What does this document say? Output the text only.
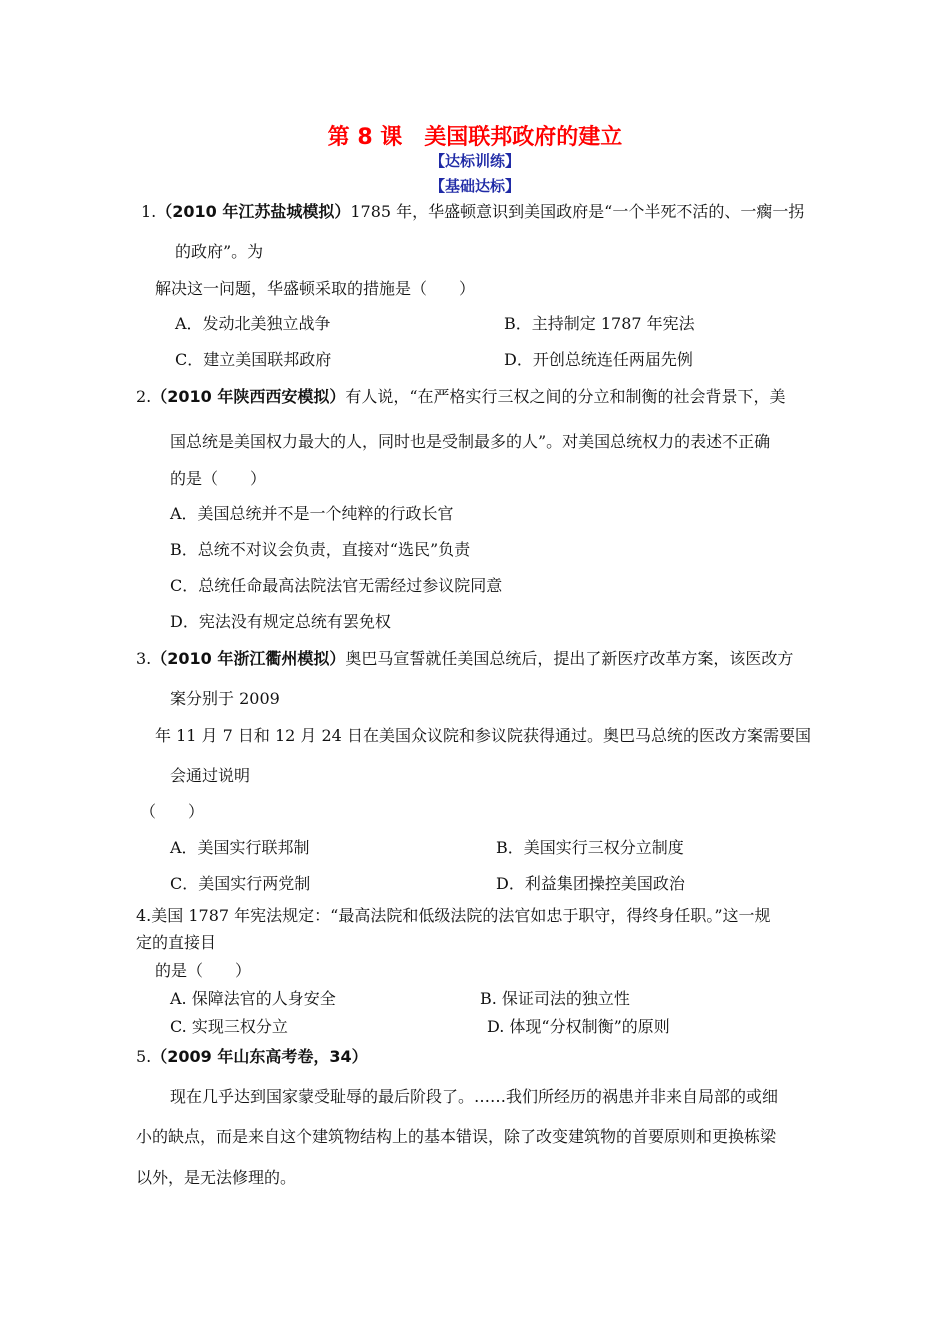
第 8 课　美国联邦政府的建立
【达标训练】
【基础达标】
1.（2010 年江苏盐城模拟）1785 年，华盛顿意识到美国政府是“一个半死不活的、一瘸一拐
的政府”。为
解决这一问题，华盛顿采取的措施是（　　）
A．发动北美独立战争	B．主持制定 1787 年宪法
C．建立美国联邦政府	D．开创总统连任两届先例
2.（2010 年陕西西安模拟）有人说，“在严格实行三权之间的分立和制衡的社会背景下，美
国总统是美国权力最大的人，同时也是受制最多的人”。对美国总统权力的表述不正确
的是（　　）
A．美国总统并不是一个纯粹的行政长官
B．总统不对议会负责，直接对“选民”负责
C．总统任命最高法院法官无需经过参议院同意
D．宪法没有规定总统有罢免权
3.（2010 年浙江衢州模拟）奥巴马宣誓就任美国总统后，提出了新医疗改革方案，该医改方
案分别于 2009
年 11 月 7 日和 12 月 24 日在美国众议院和参议院获得通过。奥巴马总统的医改方案需要国
会通过说明
（　　）
A．美国实行联邦制	B．美国实行三权分立制度
C．美国实行两党制	D．利益集团操控美国政治
4.美国 1787 年宪法规定：“最高法院和低级法院的法官如忠于职守，得终身任职。”这一规
定的直接目
的是（　　）
A. 保障法官的人身安全	B. 保证司法的独立性
C. 实现三权分立	D. 体现“分权制衡”的原则
5.（2009 年山东高考卷，34）
现在几乎达到国家蒙受耻辱的最后阶段了。……我们所经历的祸患并非来自局部的或细
小的缺点，而是来自这个建筑物结构上的基本错误，除了改变建筑物的首要原则和更换栋梁
以外，是无法修理的。
